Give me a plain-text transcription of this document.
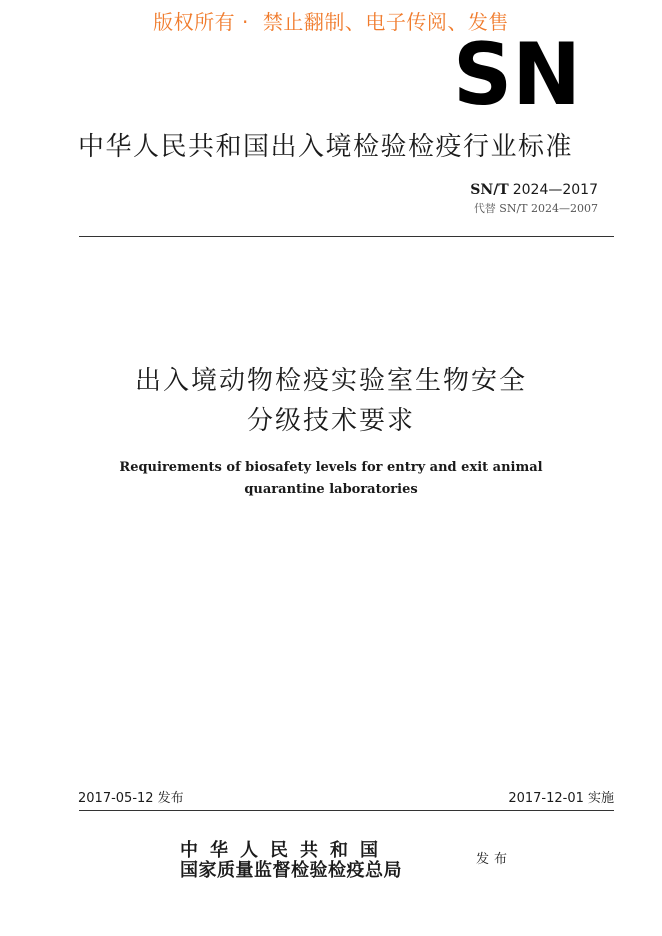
版权所有 · 禁止翻制、电子传阅、发售
SN
中华人民共和国出入境检验检疫行业标准
SN/T 2024—2017
代替 SN/T 2024—2007
出入境动物检疫实验室生物安全
分级技术要求
Requirements of biosafety levels for entry and exit animal
quarantine laboratories
2017-05-12 发布	2017-12-01 实施
中华人民共和国
国家质量监督检验检疫总局
发布
